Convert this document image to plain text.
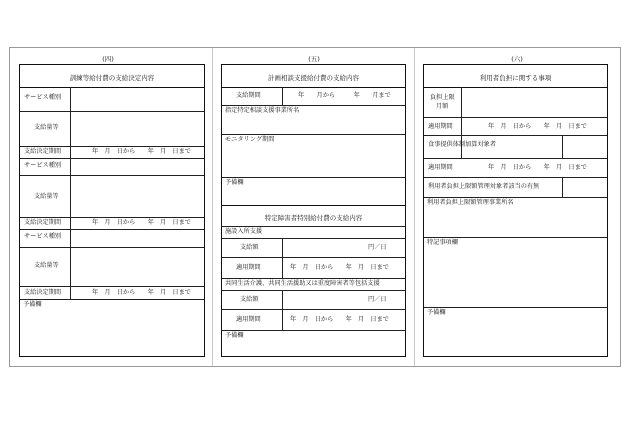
(四)
訓練等給付費の支給決定内容
サービス種別
支給量等
支給決定期間	年　月　日から　　年　月　日まで
サービス種別
支給量等
支給決定期間	年　月　日から　　年　月　日まで
サービス種別
支給量等
支給決定期間	年　月　日から　　年　月　日まで
予備欄
(五)
計画相談支援給付費の支給内容
支給期間	年　　月から　　　年　　月まで
指定特定相談支援事業所名
モニタリング期間
予備欄
特定障害者特別給付費の支給内容
施設入所支援
支給額	円／日
適用期間	年　月　日から　　年　月　日まで
共同生活介護、共同生活援助又は重度障害者等包括支援
支給額	円／日
適用期間	年　月　日から　　年　月　日まで
予備欄
(六)
利用者負担に関する事項
負担上限
月額
適用期間	年　月　日から　　年　月　日まで
食事提供体制加算対象者
適用期間	年　月　日から　　年　月　日まで
利用者負担上限額管理対象者該当の有無
利用者負担上限額管理事業所名
特記事項欄
予備欄
